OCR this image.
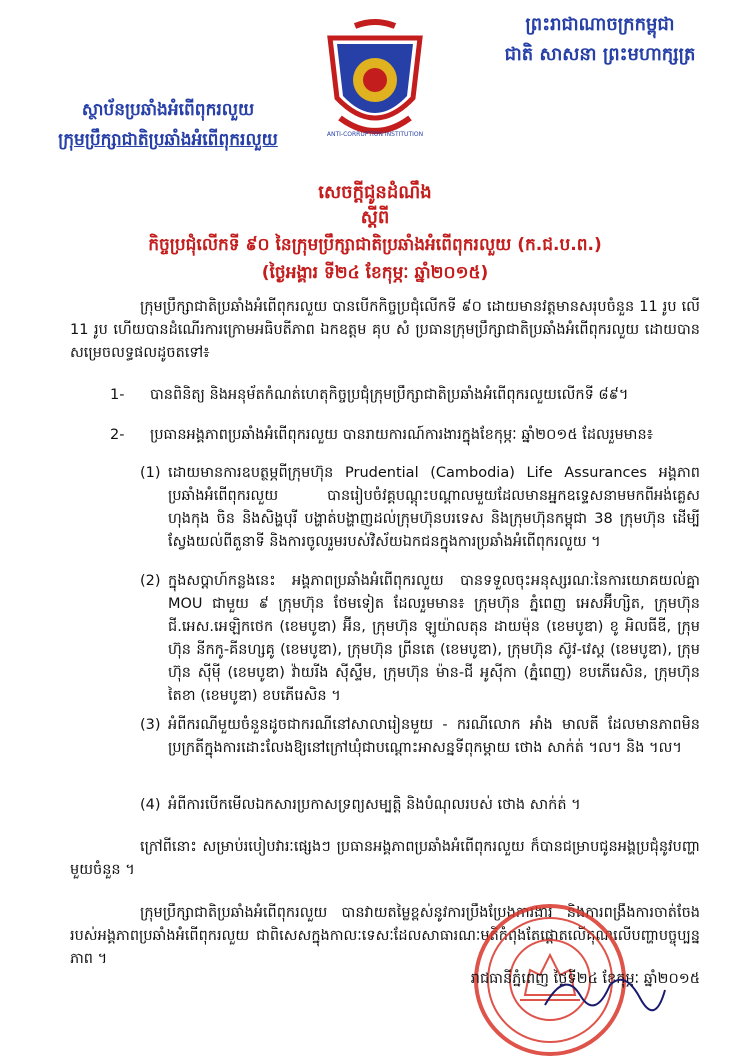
ព្រះរាជាណាចក្រកម្ពុជា
ជាតិ សាសនា ព្រះមហាក្សត្រ
ANTI-CORRUPTION INSTITUTION
ស្ថាប័នប្រឆាំងអំពើពុករលួយ
ក្រុមប្រឹក្សាជាតិប្រឆាំងអំពើពុករលួយ
សេចក្តីជូនដំណឹង
ស្តីពី
កិច្ចប្រជុំលើកទី ៩០ នៃក្រុមប្រឹក្សាជាតិប្រឆាំងអំពើពុករលួយ (ក.ជ.ប.ព.)
(ថ្ងៃអង្គារ ទី២៤ ខែកុម្ភៈ ឆ្នាំ២០១៥)
ក្រុមប្រឹក្សាជាតិប្រឆាំងអំពើពុករលួយ បានបើកកិច្ចប្រជុំលើកទី ៩០ ដោយមានវត្តមានសរុបចំនួន 11 រូប លើ 11 រូប ហើយបានដំណើរការក្រោមអធិបតីភាព ឯកឧត្តម គុប សំ ប្រធានក្រុមប្រឹក្សាជាតិប្រឆាំងអំពើពុករលួយ ដោយបានសម្រេចលទ្ធផលដូចតទៅ៖
1- បានពិនិត្យ និងអនុម័តកំណត់ហេតុកិច្ចប្រជុំក្រុមប្រឹក្សាជាតិប្រឆាំងអំពើពុករលួយលើកទី ៨៩។
2- ប្រធានអង្គភាពប្រឆាំងអំពើពុករលួយ បានរាយការណ៍ការងារក្នុងខែកុម្ភៈ ឆ្នាំ២០១៥ ដែលរួមមាន៖
(1) ដោយមានការឧបត្ថម្ភពីក្រុមហ៊ុន Prudential (Cambodia) Life Assurances អង្គភាពប្រឆាំងអំពើពុករលួយ បានរៀបចំវគ្គបណ្តុះបណ្តាលមួយដែលមានអ្នកឧទ្ទេសនាមមកពីអង់គ្លេស ហុងកុង ចិន និងសិង្ហបុរី បង្ហាត់បង្ហាញដល់ក្រុមហ៊ុនបរទេស និងក្រុមហ៊ុនកម្ពុជា 38 ក្រុមហ៊ុន ដើម្បីស្វែងយល់ពីតួនាទី និងការចូលរួមរបស់វិស័យឯកជនក្នុងការប្រឆាំងអំពើពុករលួយ ។
(2) ក្នុងសប្តាហ៍កន្លងនេះ អង្គភាពប្រឆាំងអំពើពុករលួយ បានទទួលចុះអនុស្សរណៈនៃការយោគយល់គ្នា MOU ជាមួយ ៩ ក្រុមហ៊ុន ថែមទៀត ដែលរួមមាន៖ ក្រុមហ៊ុន ភ្នំពេញ អេសអ៊ីហ្សិត, ក្រុមហ៊ុន ជី.អេស.អេឡិកថេក (ខេមបូឌា) អ៊ីន, ក្រុមហ៊ុន ឡូយ៉ាលតុន ដាយម៉ុន (ខេមបូឌា) ខូ អិលធីឌី, ក្រុមហ៊ុន នីកកូ-គីនហ្សគូ (ខេមបូឌា), ក្រុមហ៊ុន ព្រីនតេ (ខេមបូឌា), ក្រុមហ៊ុន ស៊ូវ-វេស្ត (ខេមបូឌា), ក្រុមហ៊ុន ស៊ីម៉ី (ខេមបូឌា) វ៉ាយរីង ស៊ីស្ទឹម, ក្រុមហ៊ុន ម៉ាន-ជី អូស៊ីកា (ភ្នំពេញ) ខបភើរេសិន, ក្រុមហ៊ុន តៃខា (ខេមបូឌា) ខបភើរេសិន ។
(3) អំពីករណីមួយចំនួនដូចជាករណីនៅសាលារៀនមួយ - ករណីលោក អាំង មាលតី ដែលមានភាពមិនប្រក្រតីក្នុងការដោះលែងឱ្យនៅក្រៅឃុំជាបណ្តោះអាសន្នទីពុកម្តាយ ថោង សាក់ត់ ។ល។ និង ។ល។
(4) អំពីការបើកមើលឯកសារប្រកាសទ្រព្យសម្បត្តិ និងបំណុលរបស់ ថោង សាក់ត់ ។
ក្រៅពីនោះ សម្រាប់របៀបវារៈផ្សេងៗ ប្រធានអង្គភាពប្រឆាំងអំពើពុករលួយ ក៏បានជម្រាបជូនអង្គប្រជុំនូវបញ្ហាមួយចំនួន ។
ក្រុមប្រឹក្សាជាតិប្រឆាំងអំពើពុករលួយ បានវាយតម្លៃខ្ពស់នូវការប្រឹងប្រែងការងារ និងការពង្រឹងការចាត់ចែងរបស់អង្គភាពប្រឆាំងអំពើពុករលួយ ជាពិសេសក្នុងកាលៈទេសៈដែលសាធារណៈមតិកំពុងតែផ្តោតលើគុណលើបញ្ហាបច្ចុប្បន្នភាព ។
រាជធានីភ្នំពេញ ថ្ងៃទី២៤ ខែកុម្ភៈ ឆ្នាំ២០១៥
